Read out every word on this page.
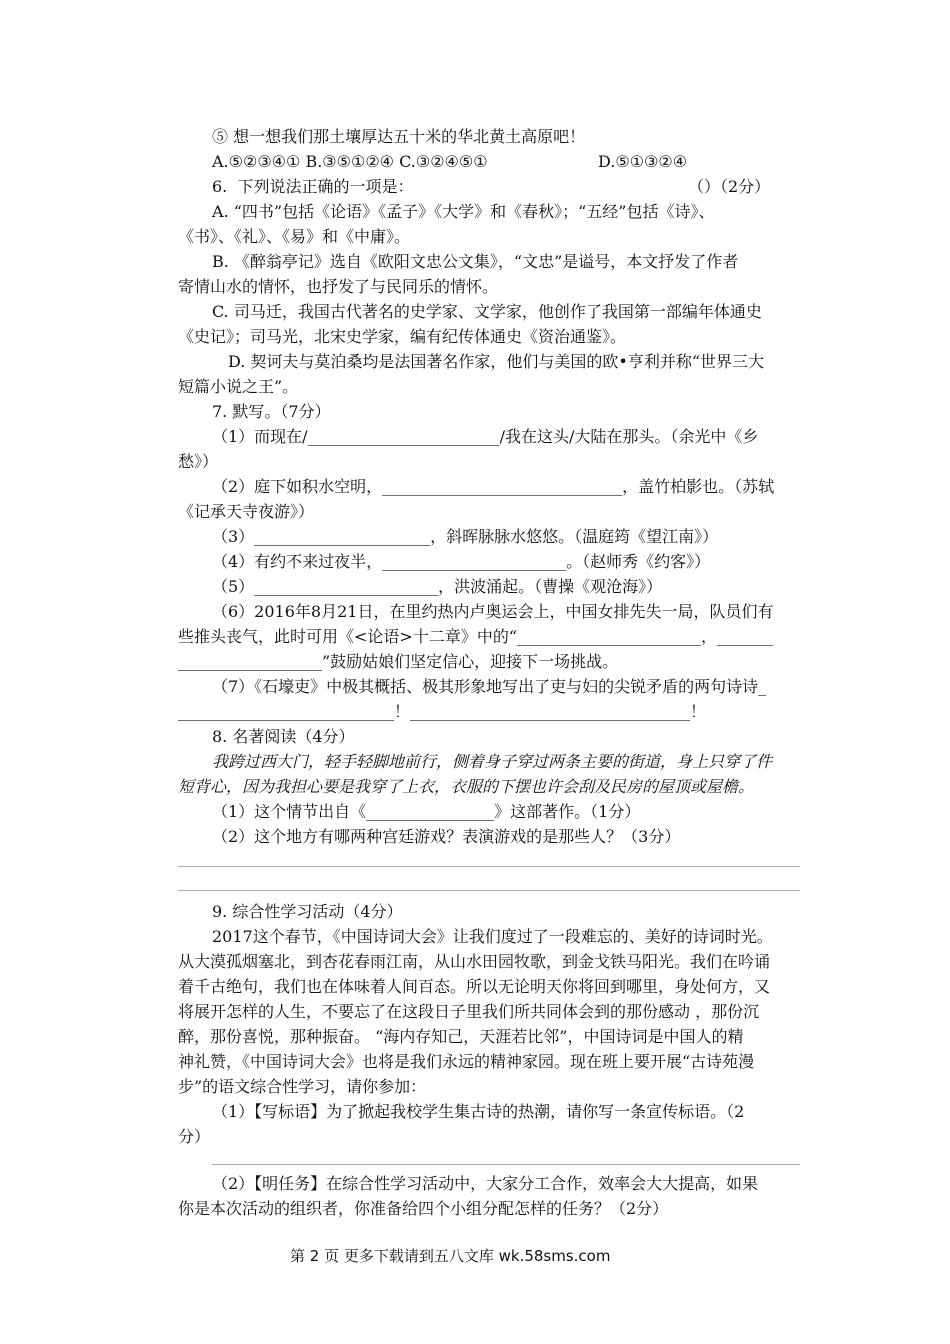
⑤ 想一想我们那土壤厚达五十米的华北黄土高原吧！
A.⑤②③④① B.③⑤①②④ C.③②④⑤①	D.⑤①③②④
6.  下列说法正确的一项是：	（）（2分）
A. “四书”包括《论语》《孟子》《大学》和《春秋》；“五经”包括《诗》、
《书》、《礼》、《易》和《中庸》。
B. 《醉翁亭记》选自《欧阳文忠公文集》，“文忠”是谥号，本文抒发了作者
寄情山水的情怀，也抒发了与民同乐的情怀。
C. 司马迁，我国古代著名的史学家、文学家，他创作了我国第一部编年体通史
《史记》；司马光，北宋史学家，编有纪传体通史《资治通鉴》。
D. 契诃夫与莫泊桑均是法国著名作家，他们与美国的欧•亨利并称“世界三大
短篇小说之王”。
7. 默写。（7分）
（1）而现在/________________________/我在这头/大陆在那头。（余光中《乡
愁》）
（2）庭下如积水空明，______________________________，盖竹柏影也。（苏轼
《记承天寺夜游》）
（3）______________________，斜晖脉脉水悠悠。（温庭筠《望江南》）
（4）有约不来过夜半，_______________________。（赵师秀《约客》）
（5）_______________________，洪波涌起。（曹操《观沧海》）
（6）2016年8月21日，在里约热内卢奥运会上，中国女排先失一局，队员们有
些推头丧气，此时可用《<论语>十二章》中的“_______________________，_______
__________________”鼓励姑娘们坚定信心，迎接下一场挑战。
（7）《石壕吏》中极其概括、极其形象地写出了吏与妇的尖锐矛盾的两句诗诗_
___________________________！___________________________________！
8. 名著阅读（4分）
我跨过西大门，轻手轻脚地前行，侧着身子穿过两条主要的街道，身上只穿了件
短背心，因为我担心要是我穿了上衣，衣服的下摆也许会刮及民房的屋顶或屋檐。
（1）这个情节出自《________________》这部著作。（1分）
（2）这个地方有哪两种宫廷游戏？表演游戏的是那些人？（3分）
9. 综合性学习活动（4分）
2017这个春节，《中国诗词大会》让我们度过了一段难忘的、美好的诗词时光。
从大漠孤烟塞北，到杏花春雨江南，从山水田园牧歌，到金戈铁马阳光。我们在吟诵
着千古绝句，我们也在体味着人间百态。所以无论明天你将回到哪里，身处何方，又
将展开怎样的人生，不要忘了在这段日子里我们所共同体会到的那份感动 ，那份沉
醉，那份喜悦，那种振奋。 “海内存知己，天涯若比邻”，中国诗词是中国人的精
神礼赞，《中国诗词大会》也将是我们永远的精神家园。现在班上要开展“古诗苑漫
步”的语文综合性学习，请你参加：
（1）【写标语】为了掀起我校学生集古诗的热潮，请你写一条宣传标语。（2
分）
（2）【明任务】在综合性学习活动中，大家分工合作，效率会大大提高，如果
你是本次活动的组织者，你准备给四个小组分配怎样的任务？（2分）
第 2 页 更多下载请到五八文库 wk.58sms.com
